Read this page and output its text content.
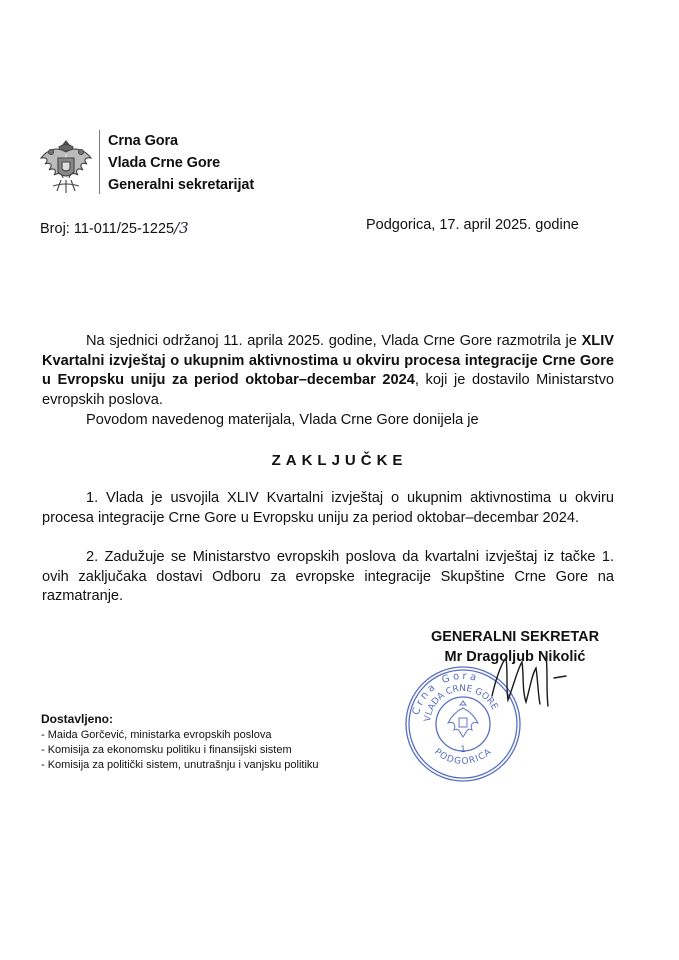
Crna Gora
Vlada Crne Gore
Generalni sekretarijat
Broj: 11-011/25-1225/3	Podgorica, 17. april 2025. godine
Na sjednici održanoj 11. aprila 2025. godine, Vlada Crne Gore razmotrila je XLIV Kvartalni izvještaj o ukupnim aktivnostima u okviru procesa integracije Crne Gore u Evropsku uniju za period oktobar–decembar 2024, koji je dostavilo Ministarstvo evropskih poslova.
Povodom navedenog materijala, Vlada Crne Gore donijela je
ZAKLJUČKE
1. Vlada je usvojila XLIV Kvartalni izvještaj o ukupnim aktivnostima u okviru procesa integracije Crne Gore u Evropsku uniju za period oktobar–decembar 2024.
2. Zadužuje se Ministarstvo evropskih poslova da kvartalni izvještaj iz tačke 1. ovih zaključaka dostavi Odboru za evropske integracije Skupštine Crne Gore na razmatranje.
GENERALNI SEKRETAR
Mr Dragoljub Nikolić
Crna Gora
VLADA CRNE GORE
PODGORICA
1
Dostavljeno:
- Maida Gorčević, ministarka evropskih poslova
- Komisija za ekonomsku politiku i finansijski sistem
- Komisija za politički sistem, unutrašnju i vanjsku politiku
